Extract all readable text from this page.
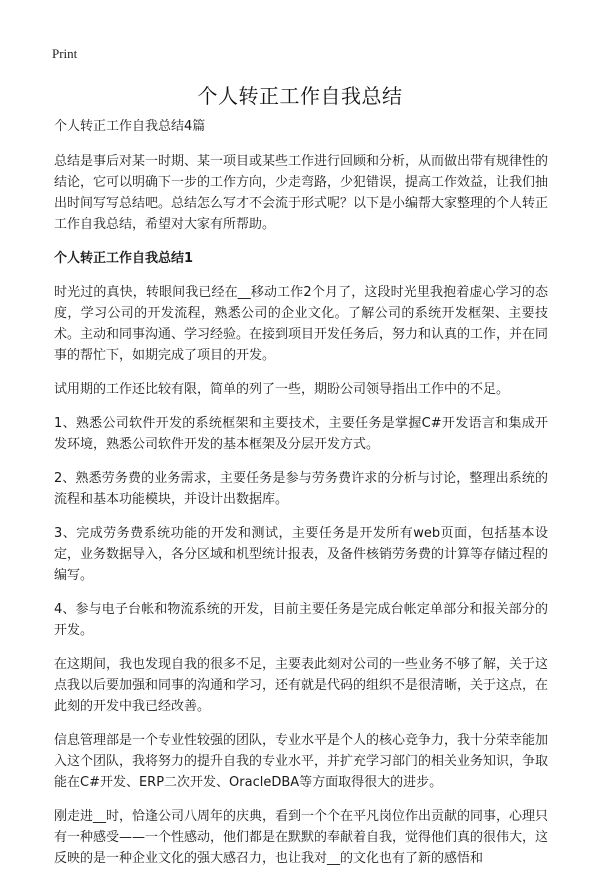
Print
个人转正工作自我总结

个人转正工作自我总结4篇

总结是事后对某一时期、某一项目或某些工作进行回顾和分析，从而做出带有规律性的结论，它可以明确下一步的工作方向，少走弯路，少犯错误，提高工作效益，让我们抽出时间写写总结吧。总结怎么写才不会流于形式呢？以下是小编帮大家整理的个人转正工作自我总结，希望对大家有所帮助。

个人转正工作自我总结1

时光过的真快，转眼间我已经在__移动工作2个月了，这段时光里我抱着虚心学习的态度，学习公司的开发流程，熟悉公司的企业文化。了解公司的系统开发框架、主要技术。主动和同事沟通、学习经验。在接到项目开发任务后，努力和认真的工作，并在同事的帮忙下，如期完成了项目的开发。

试用期的工作还比较有限，简单的列了一些，期盼公司领导指出工作中的不足。

1、熟悉公司软件开发的系统框架和主要技术，主要任务是掌握C#开发语言和集成开发环境，熟悉公司软件开发的基本框架及分层开发方式。

2、熟悉劳务费的业务需求，主要任务是参与劳务费许求的分析与讨论，整理出系统的流程和基本功能模块，并设计出数据库。

3、完成劳务费系统功能的开发和测试，主要任务是开发所有web页面，包括基本设定，业务数据导入，各分区域和机型统计报表，及备件核销劳务费的计算等存储过程的编写。

4、参与电子台帐和物流系统的开发，目前主要任务是完成台帐定单部分和报关部分的开发。

在这期间，我也发现自我的很多不足，主要表此刻对公司的一些业务不够了解，关于这点我以后要加强和同事的沟通和学习，还有就是代码的组织不是很清晰，关于这点，在此刻的开发中我已经改善。

信息管理部是一个专业性较强的团队，专业水平是个人的核心竞争力，我十分荣幸能加入这个团队，我将努力的提升自我的专业水平，并扩充学习部门的相关业务知识，争取能在C#开发、ERP二次开发、OracleDBA等方面取得很大的进步。

刚走进__时，恰逢公司八周年的庆典，看到一个个在平凡岗位作出贡献的同事，心理只有一种感受——一个性感动，他们都是在默默的奉献着自我，觉得他们真的很伟大，这反映的是一种企业文化的强大感召力，也让我对__的文化也有了新的感悟和
